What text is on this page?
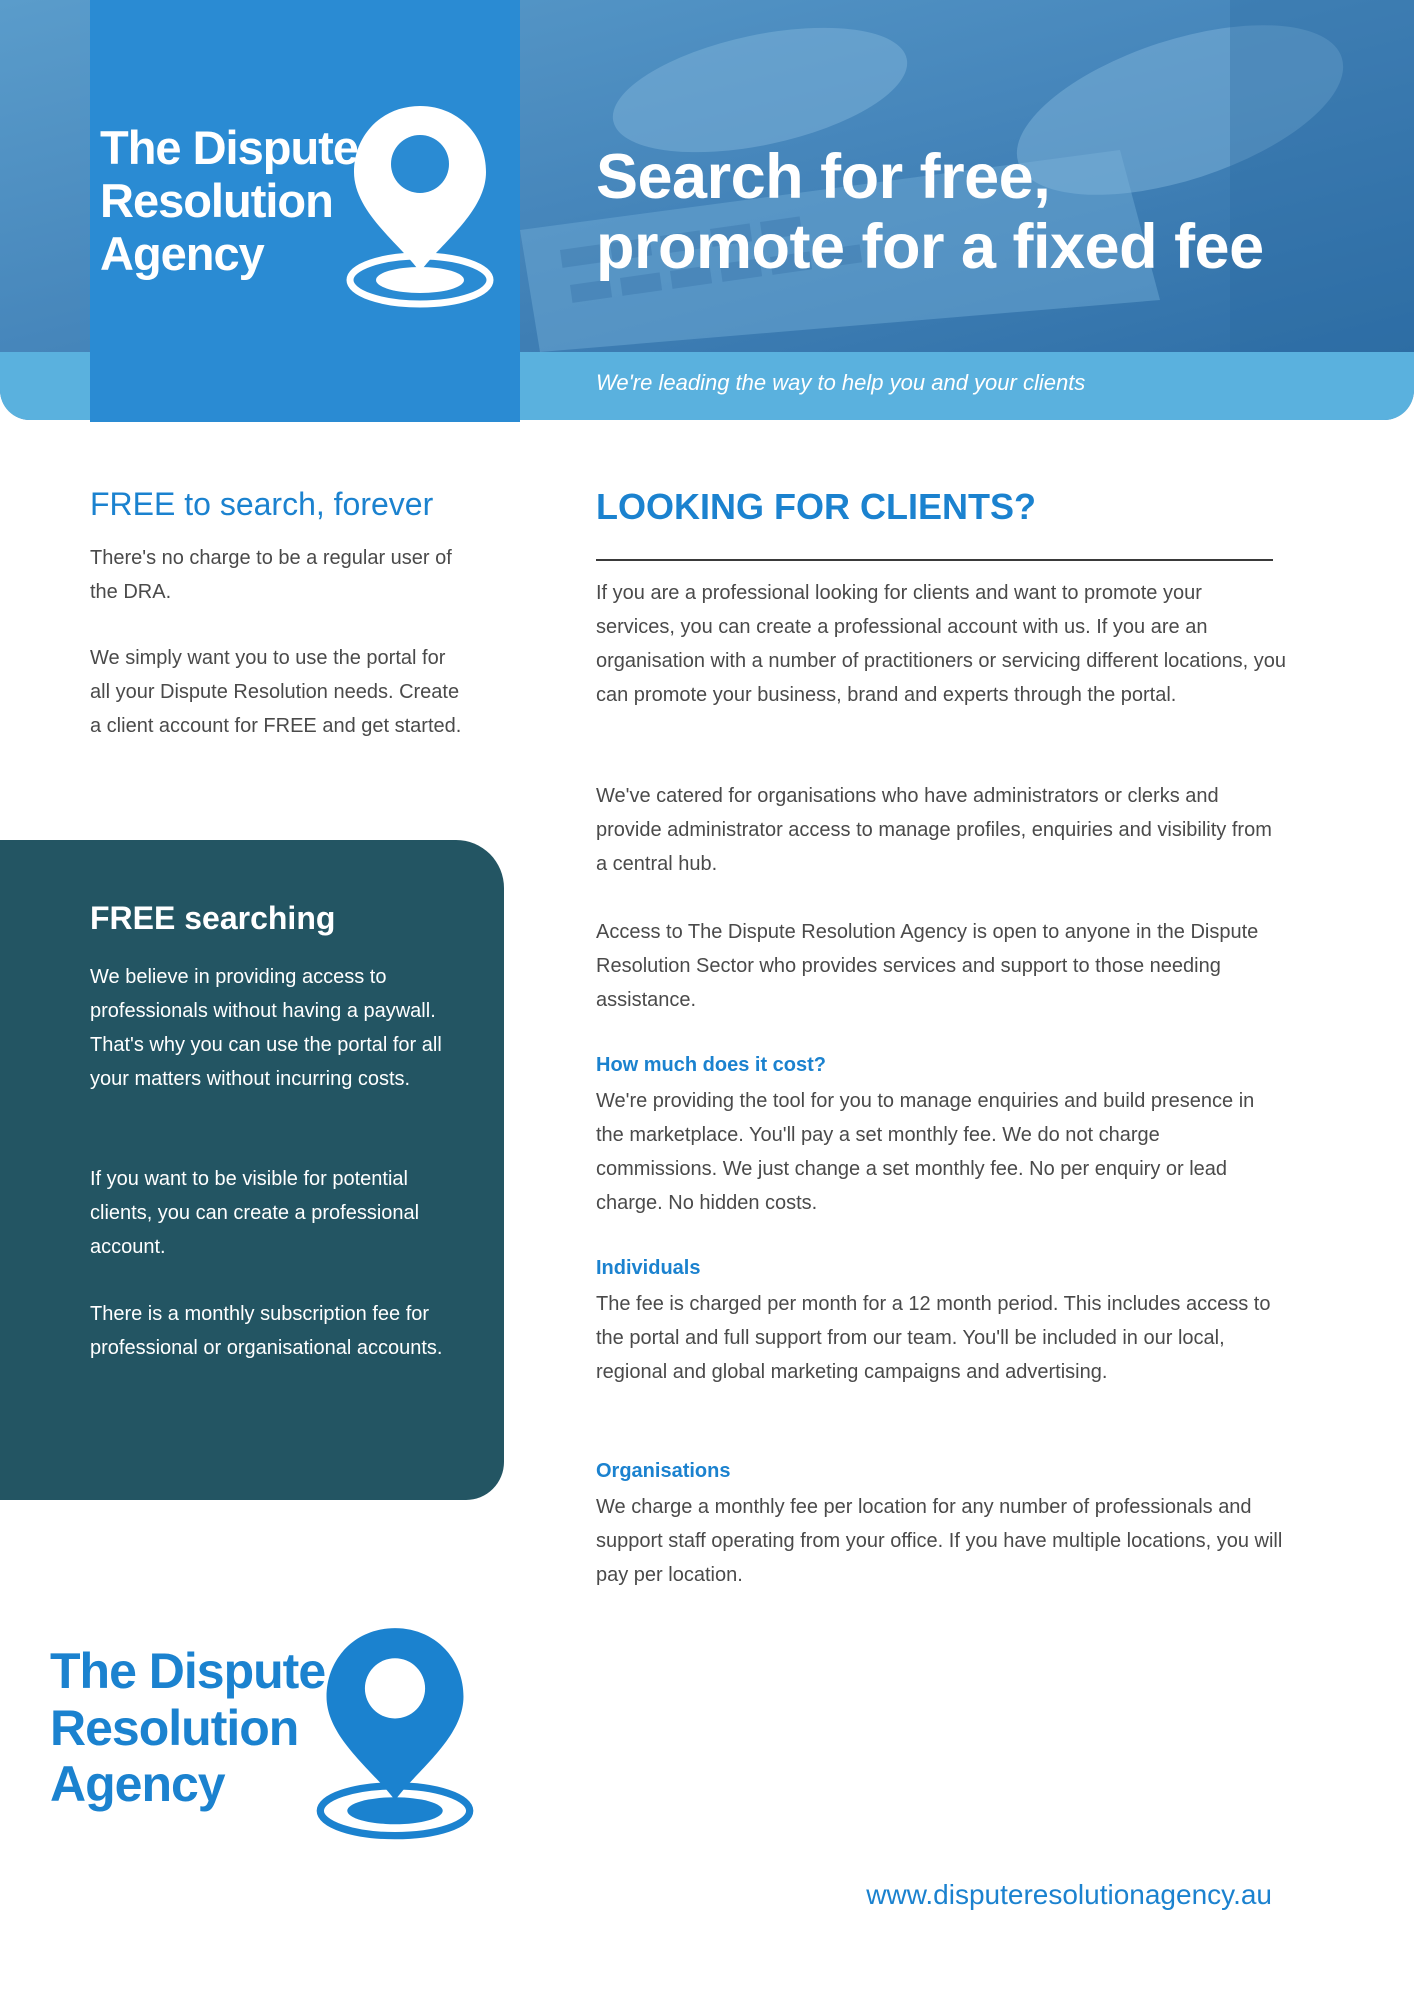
The Dispute
Resolution
Agency
Search for free,
promote for a fixed fee

We're leading the way to help you and your clients

FREE to search, forever

There's no charge to be a regular user of the DRA.

We simply want you to use the portal for all your Dispute Resolution needs. Create a client account for FREE and get started.

FREE searching

We believe in providing access to professionals without having a paywall. That's why you can use the portal for all your matters without incurring costs.

If you want to be visible for potential clients, you can create a professional account.

There is a monthly subscription fee for professional or organisational accounts.

The Dispute
Resolution
Agency
LOOKING FOR CLIENTS?

If you are a professional looking for clients and want to promote your services, you can create a professional account with us. If you are an organisation with a number of practitioners or servicing different locations, you can promote your business, brand and experts through the portal.

We've catered for organisations who have administrators or clerks and provide administrator access to manage profiles, enquiries and visibility from a central hub.

Access to The Dispute Resolution Agency is open to anyone in the Dispute Resolution Sector who provides services and support to those needing assistance.

How much does it cost?

We're providing the tool for you to manage enquiries and build presence in the marketplace. You'll pay a set monthly fee. We do not charge commissions. We just change a set monthly fee. No per enquiry or lead charge. No hidden costs.

Individuals

The fee is charged per month for a 12 month period. This includes access to the portal and full support from our team. You'll be included in our local, regional and global marketing campaigns and advertising.

Organisations

We charge a monthly fee per location for any number of professionals and support staff operating from your office. If you have multiple locations, you will pay per location.

www.disputeresolutionagency.au
